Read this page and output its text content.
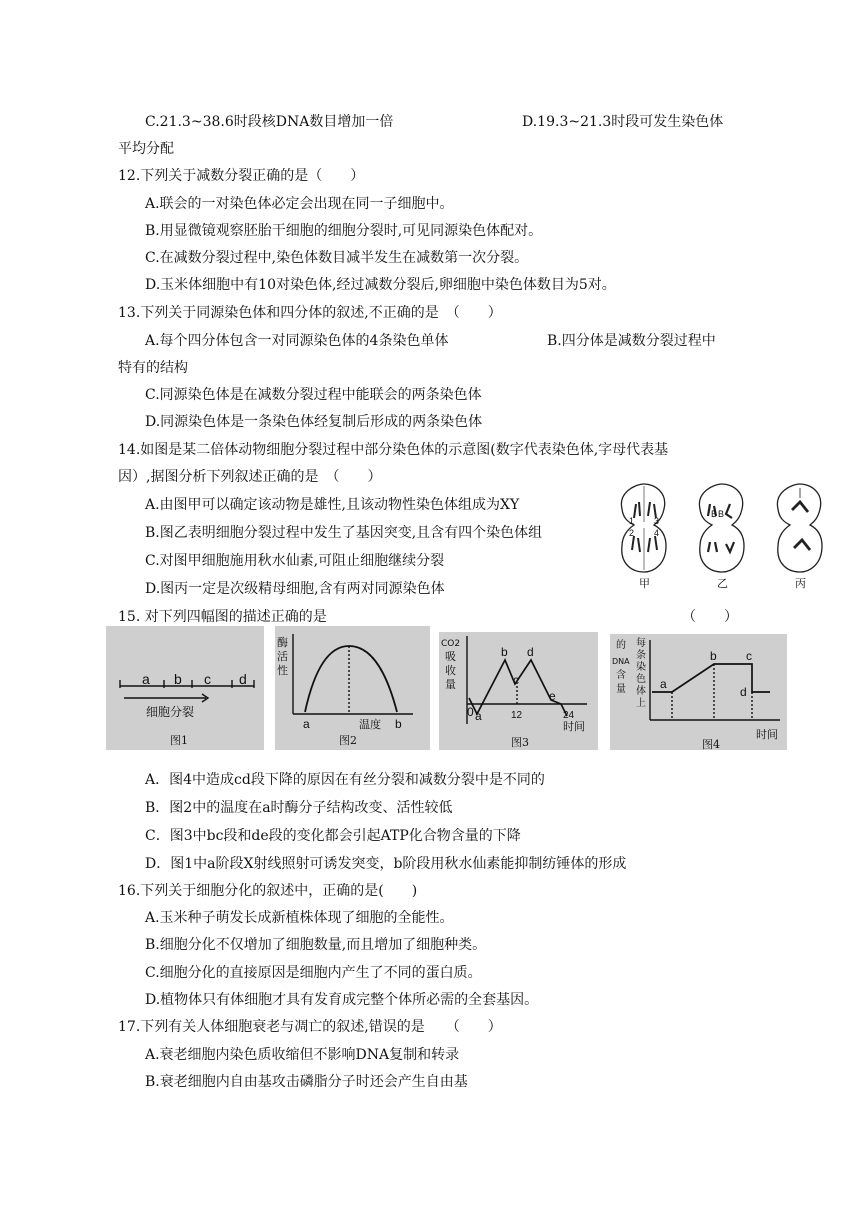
C.21.3~38.6时段核DNA数目增加一倍	D.19.3~21.3时段可发生染色体
平均分配
12.下列关于减数分裂正确的是（　　）
A.联会的一对染色体必定会出现在同一子细胞中。
B.用显微镜观察胚胎干细胞的细胞分裂时,可见同源染色体配对。
C.在减数分裂过程中,染色体数目减半发生在减数第一次分裂。
D.玉米体细胞中有10对染色体,经过减数分裂后,卵细胞中染色体数目为5对。
13.下列关于同源染色体和四分体的叙述,不正确的是　（　　）
A.每个四分体包含一对同源染色体的4条染色单体	B.四分体是减数分裂过程中
特有的结构
C.同源染色体是在减数分裂过程中能联会的两条染色体
D.同源染色体是一条染色体经复制后形成的两条染色体
14.如图是某二倍体动物细胞分裂过程中部分染色体的示意图(数字代表染色体,字母代表基
因）,据图分析下列叙述正确的是　（　　）
A.由图甲可以确定该动物是雄性,且该动物性染色体组成为XY
B.图乙表明细胞分裂过程中发生了基因突变,且含有四个染色体组
C.对图甲细胞施用秋水仙素,可阻止细胞继续分裂
D.图丙一定是次级精母细胞,含有两对同源染色体
1 3
2 4
B B
甲	乙	丙
15. 对下列四幅图的描述正确的是	（　　）
a b c d
细胞分裂
图1
酶
活
性
温度
图2
a	b
CO2
吸
收
量
0 a
b
c
d
e
12	24
时间
图3
的
DNA
含
量
每
条
染
色
体
上
a
b c
d
时间
图4
A．图4中造成cd段下降的原因在有丝分裂和减数分裂中是不同的
B．图2中的温度在a时酶分子结构改变、活性较低
C．图3中bc段和de段的变化都会引起ATP化合物含量的下降
D．图1中a阶段X射线照射可诱发突变，b阶段用秋水仙素能抑制纺锤体的形成
16.下列关于细胞分化的叙述中，正确的是(　　)
A.玉米种子萌发长成新植株体现了细胞的全能性。
B.细胞分化不仅增加了细胞数量,而且增加了细胞种类。
C.细胞分化的直接原因是细胞内产生了不同的蛋白质。
D.植物体只有体细胞才具有发育成完整个体所必需的全套基因。
17.下列有关人体细胞衰老与凋亡的叙述,错误的是　　（　　）
A.衰老细胞内染色质收缩但不影响DNA复制和转录
B.衰老细胞内自由基攻击磷脂分子时还会产生自由基
